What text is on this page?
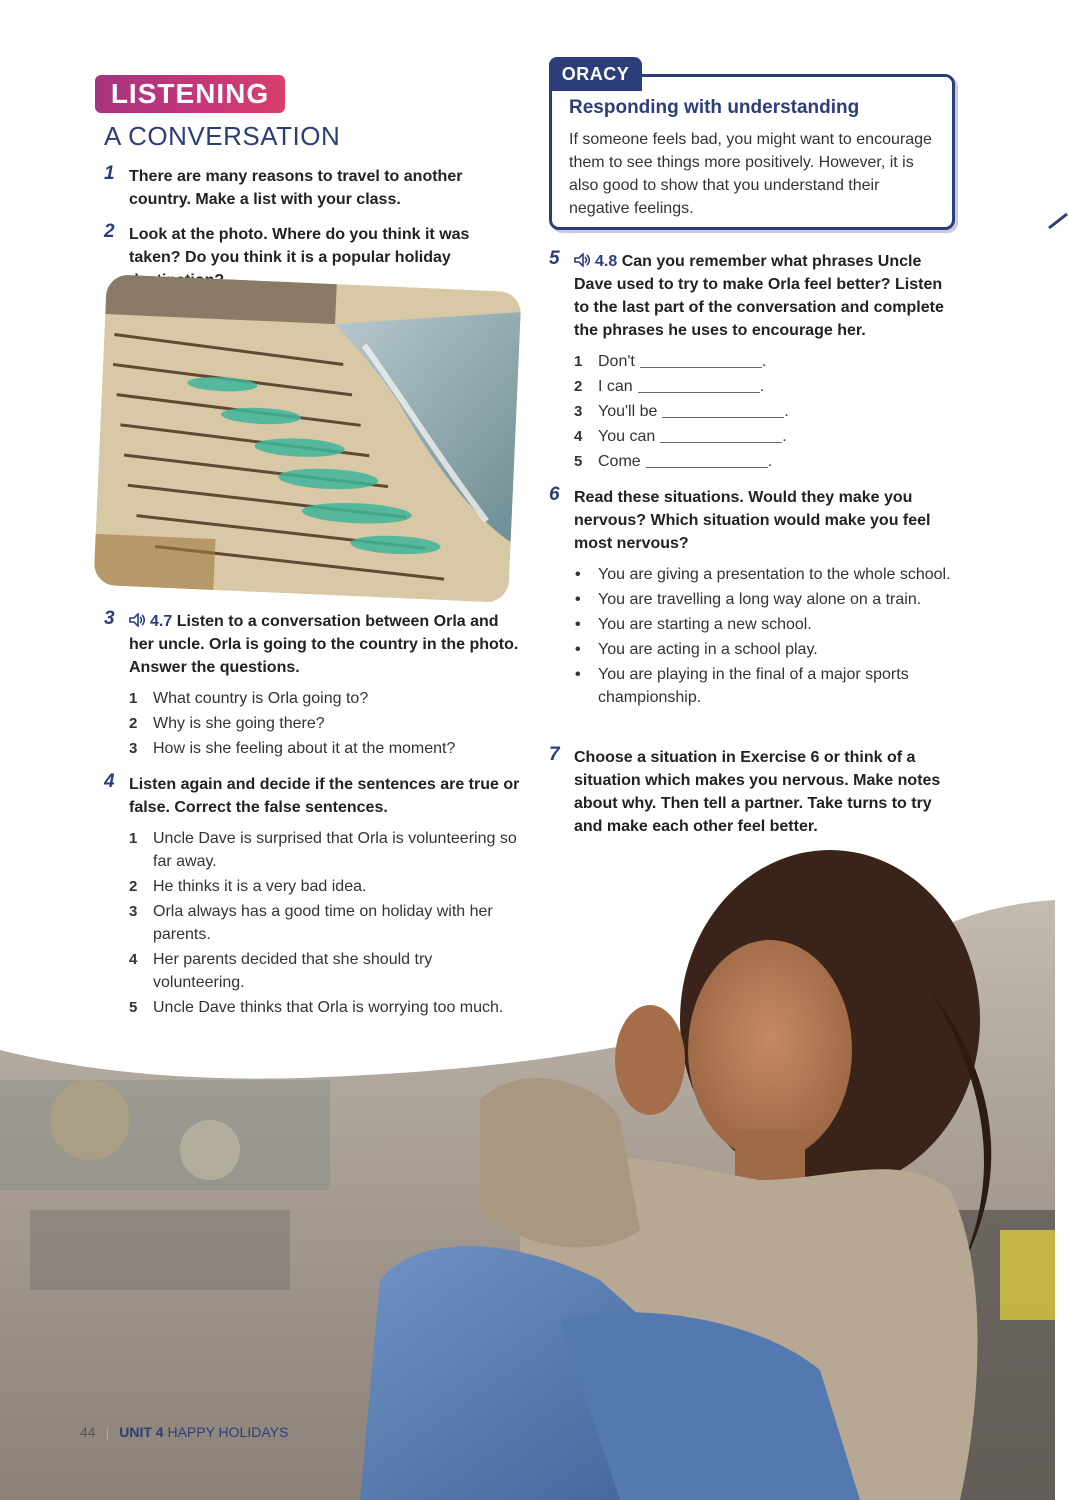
LISTENING
A CONVERSATION
1 There are many reasons to travel to another country. Make a list with your class.
2 Look at the photo. Where do you think it was taken? Do you think it is a popular holiday
3	4.7 Listen to a conversation between Orla and her uncle. Orla is going to the country in the photo. Answer the questions.
1 What country is Orla going to?
2 Why is she going there?
3 How is she feeling about it at the moment?
4 Listen again and decide if the sentences are true or false. Correct the false sentences.
1 Uncle Dave is surprised that Orla is volunteering so far away.
2 He thinks it is a very bad idea.
3 Orla always has a good time on holiday with her parents.
4 Her parents decided that she should try volunteering.
5 Uncle Dave thinks that Orla is worrying too much.
ORACY
Responding with understanding
If someone feels bad, you might want to encourage them to see things more positively. However, it is also good to show that you understand their negative feelings.
5	4.8 Can you remember what phrases Uncle Dave used to try to make Orla feel better? Listen to the last part of the conversation and complete the phrases he uses to encourage her.
1 Don't	.
2 I can	.
3 You'll be	.
4 You can	.
5 Come	.
6 Read these situations. Would they make you nervous? Which situation would make you feel most nervous?
• You are giving a presentation to the whole school.
• You are travelling a long way alone on a train.
• You are starting a new school.
• You are acting in a school play.
• You are playing in the final of a major sports championship.
7 Choose a situation in Exercise 6 or think of a situation which makes you nervous. Make notes about why. Then tell a partner. Take turns to try and make each other feel better.
44 | UNIT 4 HAPPY HOLIDAYS
